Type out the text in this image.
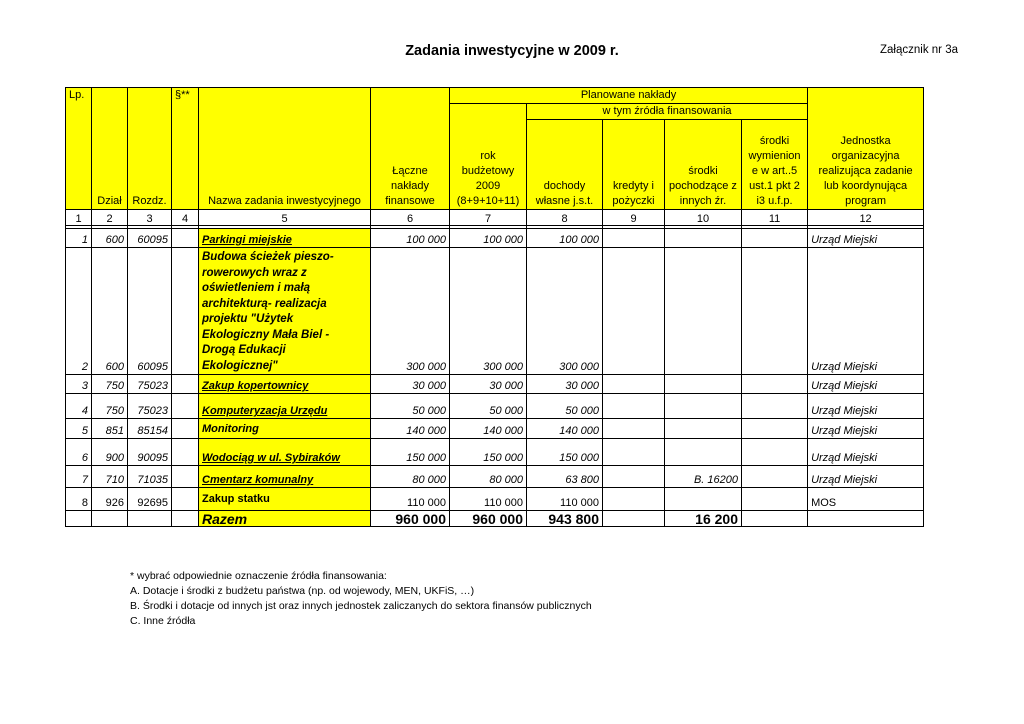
Zadania inwestycyjne w 2009 r.	Załącznik nr 3a
Lp.	Dział	Rozdz.	§**	Nazwa zadania inwestycyjnego	Łączne nakłady finansowe	Planowane nakłady					Jednostka organizacyjna realizująca zadanie lub koordynująca program
						rok budżetowy 2009 (8+9+10+11)	w tym źródła finansowania				
							dochody własne j.s.t.	kredyty i pożyczki	środki pochodzące z innych źr.	środki wymienion e w art..5 ust.1 pkt 2 i3 u.f.p.	
1	2	3	4	5	6	7	8	9	10	11	12

1	600	60095		Parkingi miejskie	100 000	100 000	100 000				Urząd Miejski
2	600	60095		Budowa ścieżek pieszo-rowerowych wraz z oświetleniem i małą architekturą- realizacja projektu "Użytek Ekologiczny Mała Biel - Drogą Edukacji Ekologicznej"	300 000	300 000	300 000				Urząd Miejski
3	750	75023		Zakup kopertownicy	30 000	30 000	30 000				Urząd Miejski
4	750	75023		Komputeryzacja Urzędu	50 000	50 000	50 000				Urząd Miejski
5	851	85154		Monitoring	140 000	140 000	140 000				Urząd Miejski
6	900	90095		Wodociąg w ul. Sybiraków	150 000	150 000	150 000				Urząd Miejski
7	710	71035		Cmentarz komunalny	80 000	80 000	63 800		B. 16200		Urząd Miejski
8	926	92695		Zakup statku	110 000	110 000	110 000				MOS
				Razem	960 000	960 000	943 800		16 200		
* wybrać odpowiednie oznaczenie źródła finansowania:
A. Dotacje i środki z budżetu państwa (np. od wojewody, MEN, UKFiS, …)
B. Środki i dotacje od innych jst oraz innych jednostek zaliczanych do sektora finansów publicznych
C. Inne źródła
